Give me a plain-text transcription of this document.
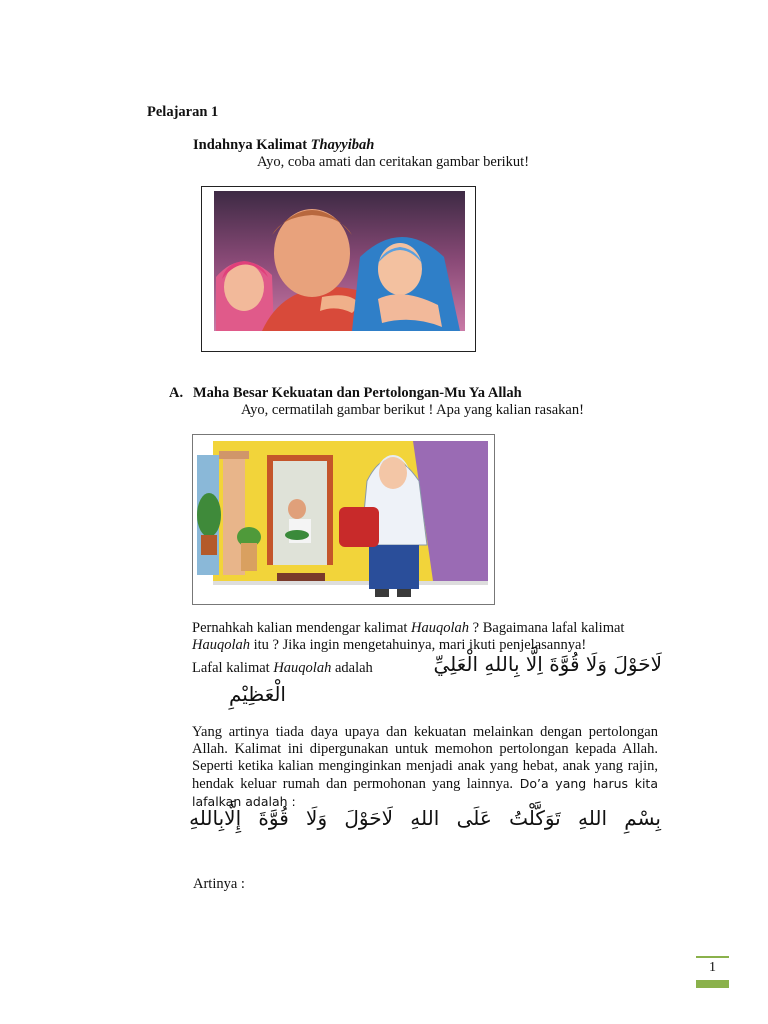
Pelajaran 1
Indahnya Kalimat Thayyibah
Ayo, coba amati dan ceritakan gambar berikut!
A. Maha Besar Kekuatan dan Pertolongan-Mu Ya Allah
Ayo, cermatilah gambar berikut ! Apa yang kalian rasakan!
Pernahkah kalian mendengar kalimat Hauqolah ? Bagaimana lafal kalimat
Hauqolah itu ? Jika ingin mengetahuinya, mari ikuti penjelasannya!
Lafal kalimat Hauqolah adalah	لَاحَوْلَ وَلَا قُوَّةَ اِلَّا بِاللهِ الْعَلِيِّ
الْعَظِيْمِ
Yang artinya tiada daya upaya dan kekuatan melainkan dengan pertolongan Allah. Kalimat ini dipergunakan untuk memohon pertolongan kepada Allah. Seperti ketika kalian menginginkan menjadi anak yang hebat, anak yang rajin, hendak keluar rumah dan permohonan yang lainnya. Do’a yang harus kita lafalkan adalah :
بِسْمِ
اللهِ
تَوَكَّلْتُ
عَلَى
اللهِ
لَاحَوْلَ
وَلَا
قُوَّةَ
إِلَّابِاللهِ
Artinya :
1
